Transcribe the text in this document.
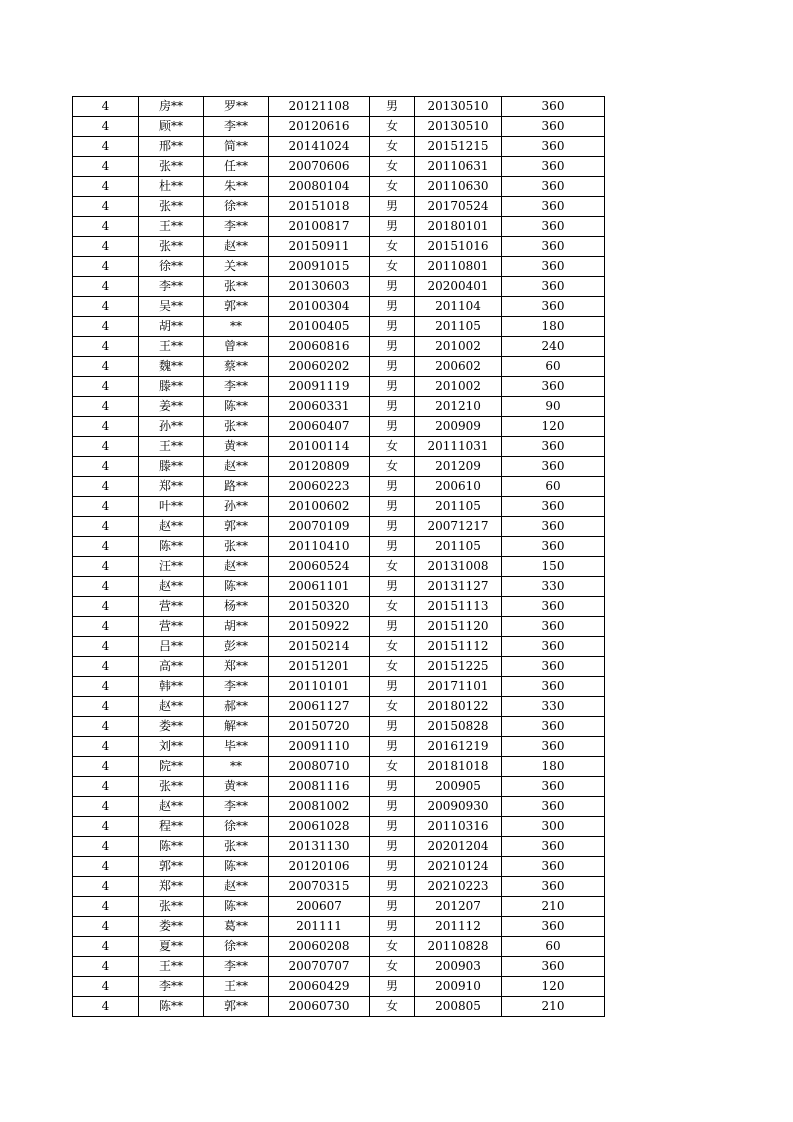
4	房**	罗**	20121108	男	20130510	360
4	顾**	李**	20120616	女	20130510	360
4	邢**	简**	20141024	女	20151215	360
4	张**	任**	20070606	女	20110631	360
4	杜**	朱**	20080104	女	20110630	360
4	张**	徐**	20151018	男	20170524	360
4	王**	李**	20100817	男	20180101	360
4	张**	赵**	20150911	女	20151016	360
4	徐**	关**	20091015	女	20110801	360
4	李**	张**	20130603	男	20200401	360
4	吴**	郭**	20100304	男	201104	360
4	胡**	**	20100405	男	201105	180
4	王**	曾**	20060816	男	201002	240
4	魏**	蔡**	20060202	男	200602	60
4	滕**	李**	20091119	男	201002	360
4	姜**	陈**	20060331	男	201210	90
4	孙**	张**	20060407	男	200909	120
4	王**	黄**	20100114	女	20111031	360
4	滕**	赵**	20120809	女	201209	360
4	郑**	路**	20060223	男	200610	60
4	叶**	孙**	20100602	男	201105	360
4	赵**	郭**	20070109	男	20071217	360
4	陈**	张**	20110410	男	201105	360
4	汪**	赵**	20060524	女	20131008	150
4	赵**	陈**	20061101	男	20131127	330
4	营**	杨**	20150320	女	20151113	360
4	营**	胡**	20150922	男	20151120	360
4	吕**	彭**	20150214	女	20151112	360
4	高**	郑**	20151201	女	20151225	360
4	韩**	李**	20110101	男	20171101	360
4	赵**	郝**	20061127	女	20180122	330
4	娄**	解**	20150720	男	20150828	360
4	刘**	毕**	20091110	男	20161219	360
4	院**	**	20080710	女	20181018	180
4	张**	黄**	20081116	男	200905	360
4	赵**	李**	20081002	男	20090930	360
4	程**	徐**	20061028	男	20110316	300
4	陈**	张**	20131130	男	20201204	360
4	郭**	陈**	20120106	男	20210124	360
4	郑**	赵**	20070315	男	20210223	360
4	张**	陈**	200607	男	201207	210
4	娄**	葛**	201111	男	201112	360
4	夏**	徐**	20060208	女	20110828	60
4	王**	李**	20070707	女	200903	360
4	李**	王**	20060429	男	200910	120
4	陈**	郭**	20060730	女	200805	210
